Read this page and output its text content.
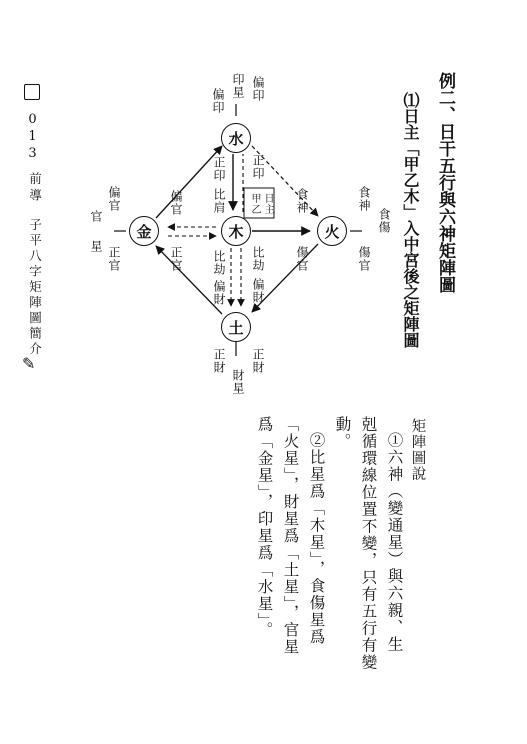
例二、日干五行與六神矩陣圖
⑴日主「甲乙木」入中宮後之矩陣圖
水
木	火
土
金
日主
甲乙
印星 偏印
偏印
正印 正印
比肩
比劫 比劫
偏財 偏財
正財 正財
財星
食神
傷官
食神
食傷
傷官
偏官	偏官
官
星 正官	正官
矩陣圖說
①六神（變通星）與六親、生
剋循環線位置不變，只有五行有變
動。
②比星爲「木星」，食傷星爲
「火星」，財星爲「土星」，官星
爲「金星」，印星爲「水星」。
013
前導
子平八字矩陣圖簡介
✎
